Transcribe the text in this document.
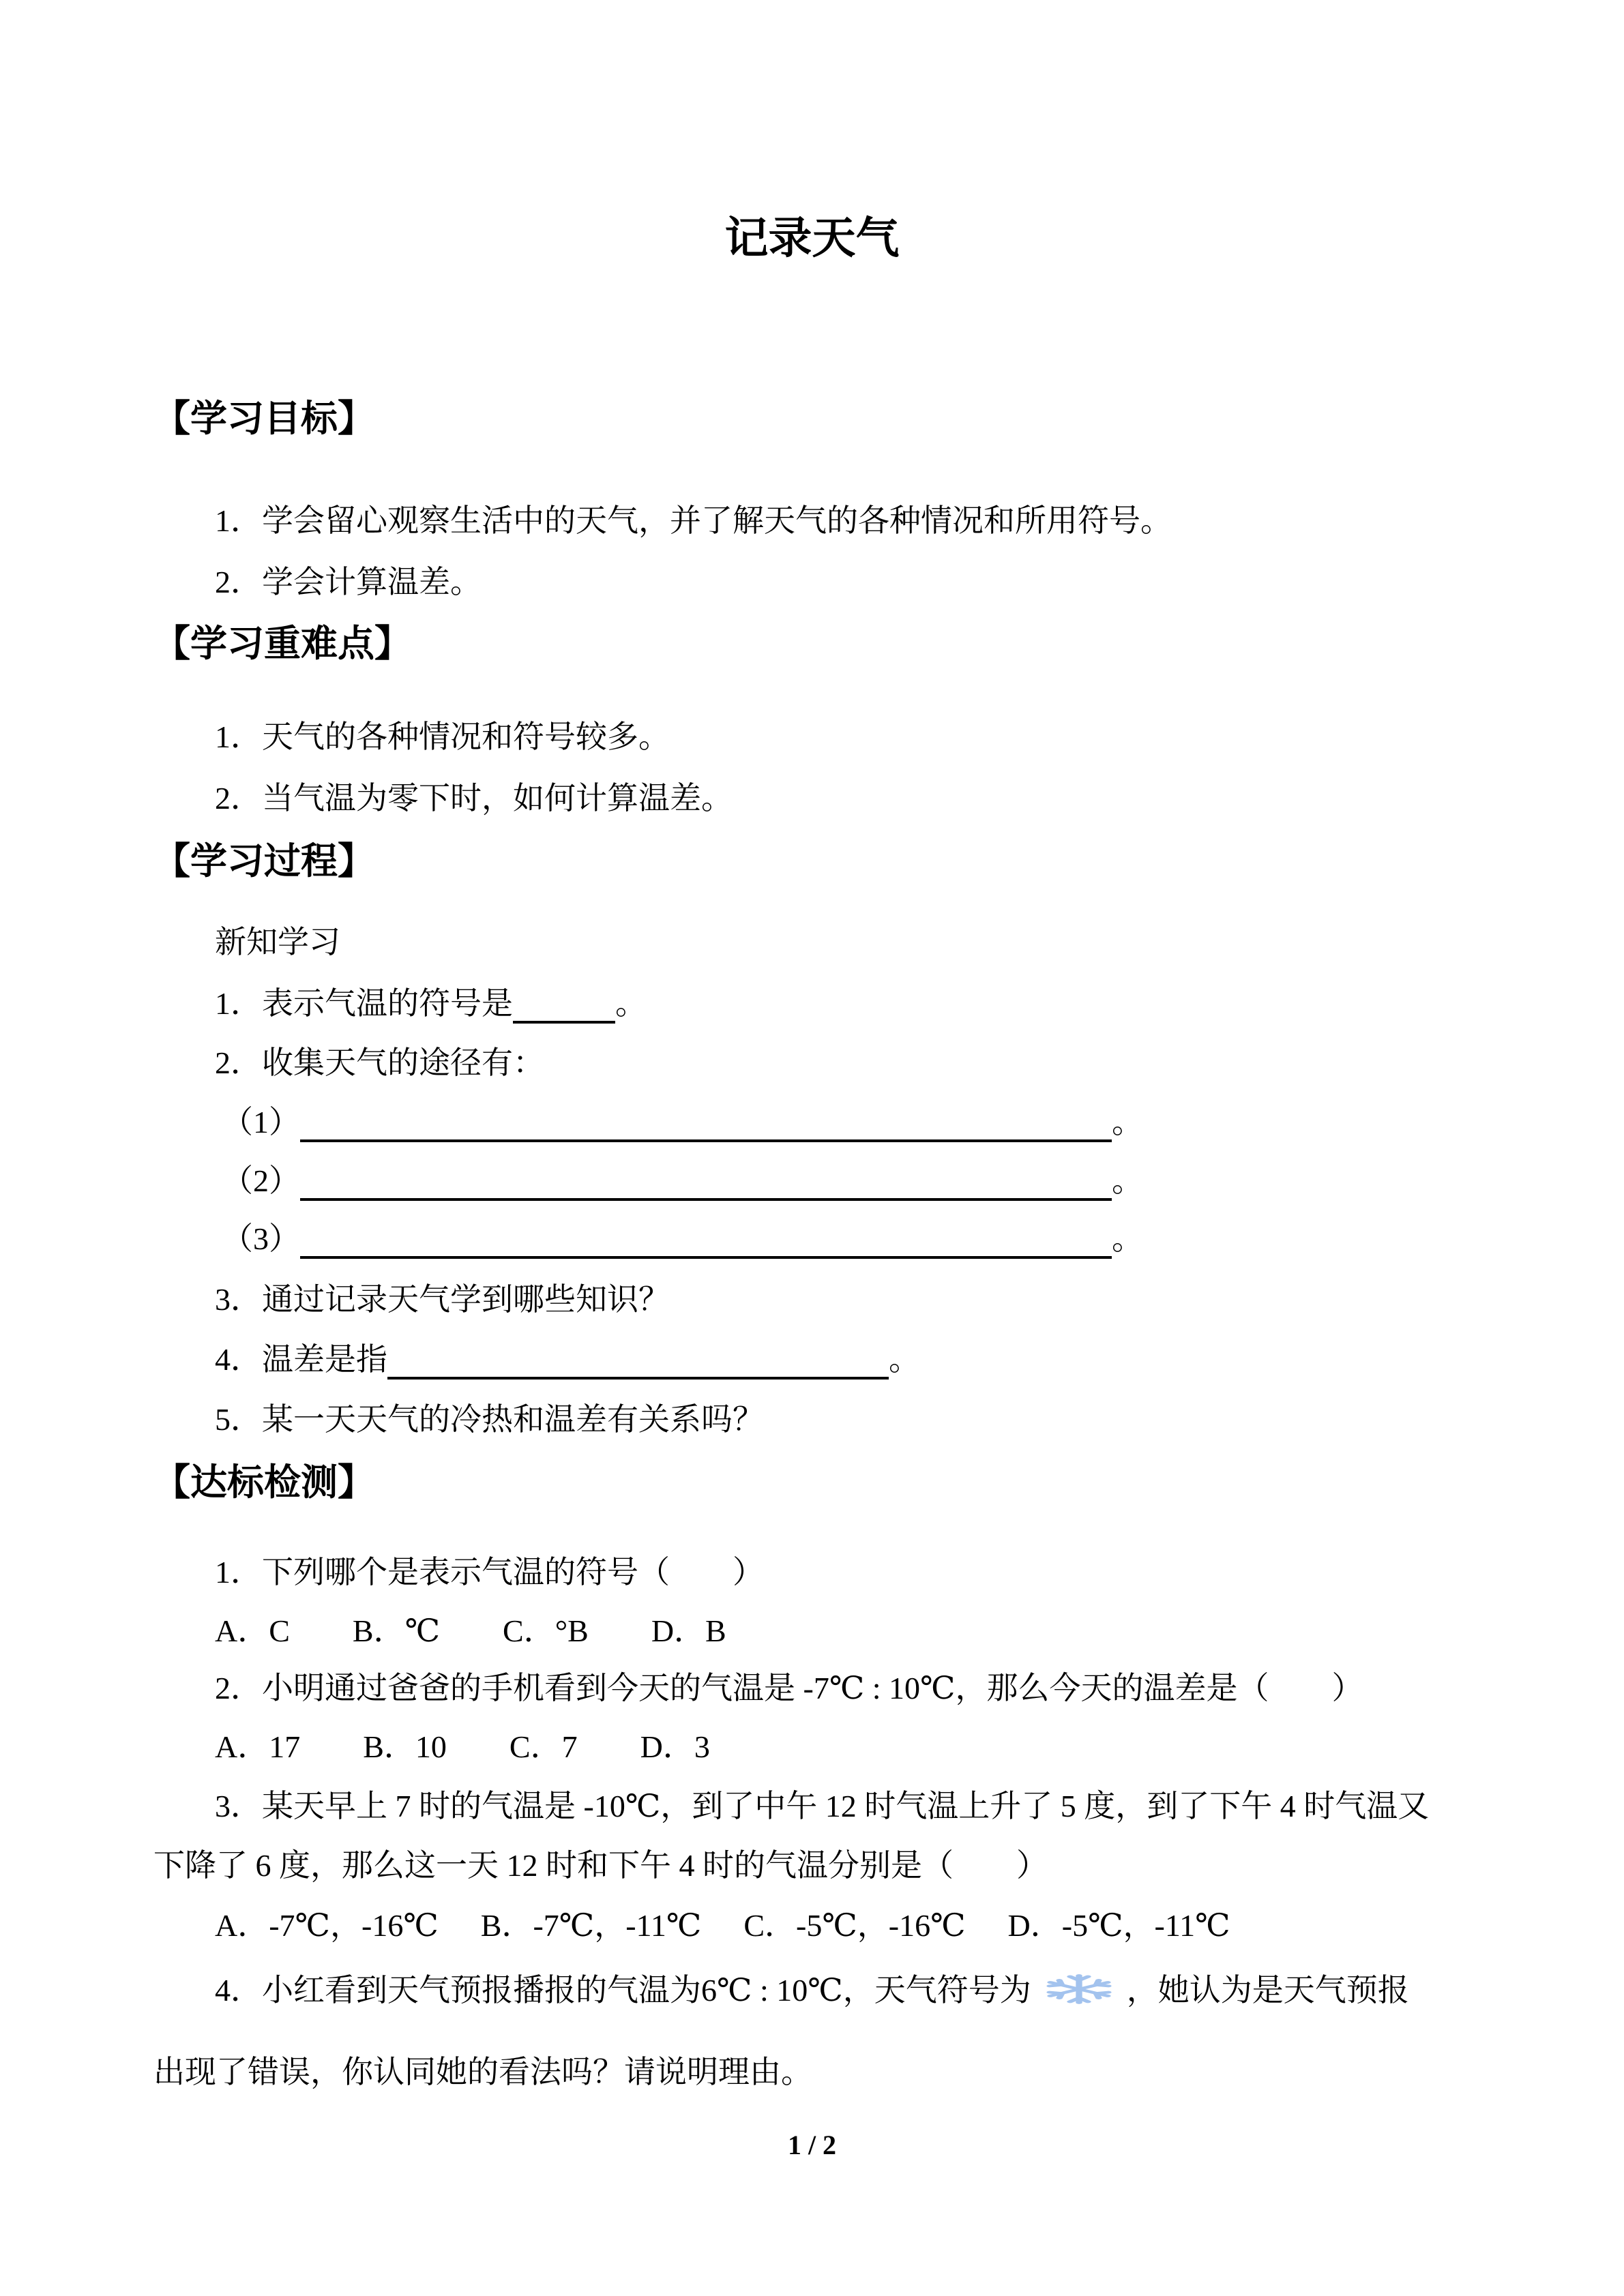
记录天气
【学习目标】
1．学会留心观察生活中的天气，并了解天气的各种情况和所用符号。
2．学会计算温差。
【学习重难点】
1．天气的各种情况和符号较多。
2．当气温为零下时，如何计算温差。
【学习过程】
新知学习
1．表示气温的符号是	。
2．收集天气的途径有：
（1）	。
（2）	。
（3）	。
3．通过记录天气学到哪些知识？
4．温差是指	。
5．某一天天气的冷热和温差有关系吗？
【达标检测】
1．下列哪个是表示气温的符号（　　）
A．C B．℃ C．°B D．B
2．小明通过爸爸的手机看到今天的气温是 -7℃ : 10℃，那么今天的温差是（　　）
A．17 B．10 C．7 D．3
3．某天早上 7 时的气温是 -10℃，到了中午 12 时气温上升了 5 度，到了下午 4 时气温又
下降了 6 度，那么这一天 12 时和下午 4 时的气温分别是（　　）
A．-7℃，-16℃ B．-7℃，-11℃ C．-5℃，-16℃ D．-5℃，-11℃
4．小红看到天气预报播报的气温为6℃ : 10℃，天气符号为	，她认为是天气预报
出现了错误，你认同她的看法吗？请说明理由。
1 / 2
